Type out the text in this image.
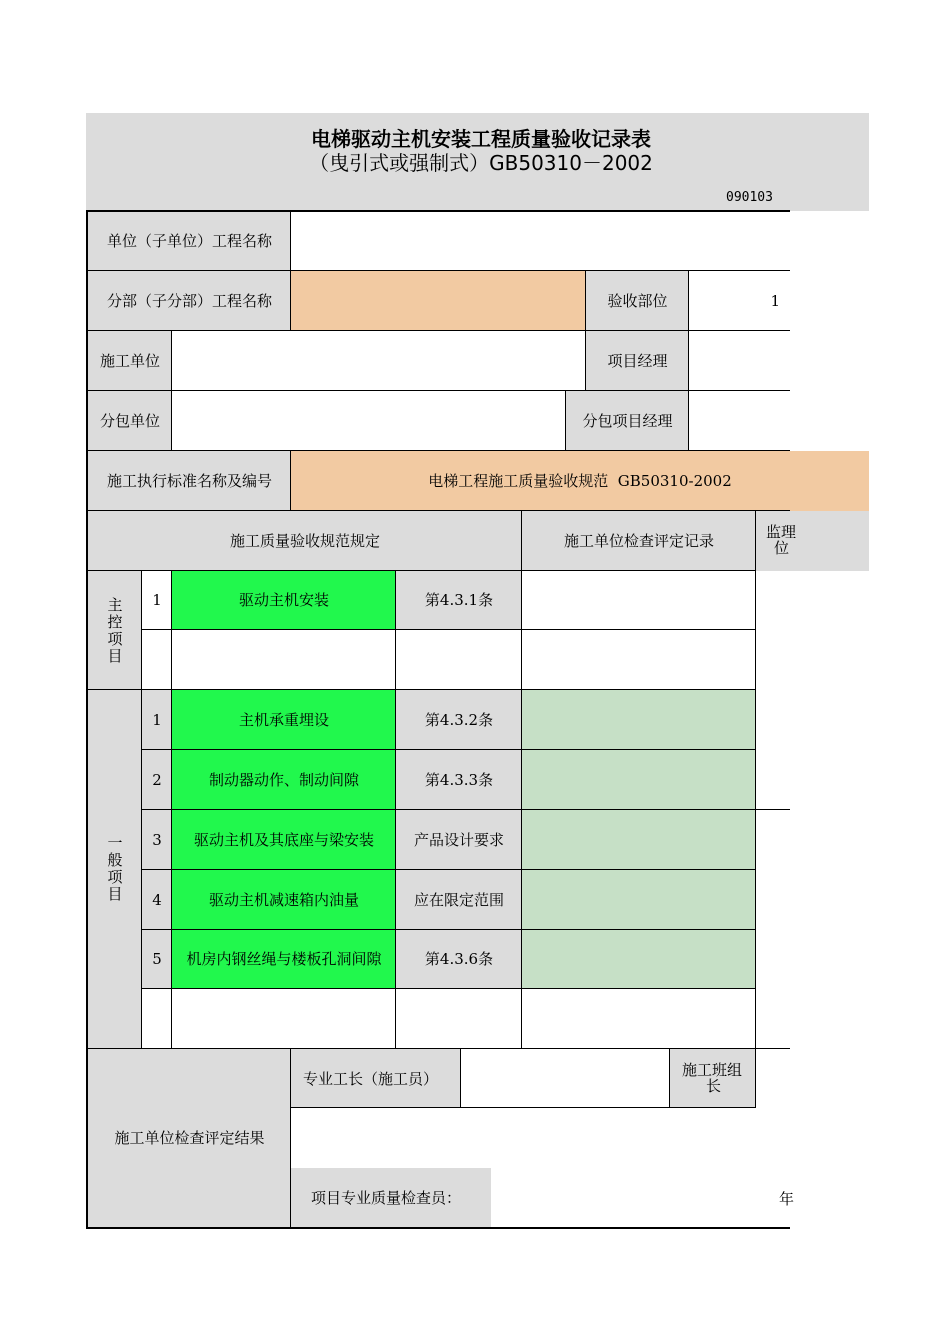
电梯驱动主机安装工程质量验收记录表
（曳引式或强制式）GB50310－2002
090103
单位（子单位）工程名称
分部（子分部）工程名称	验收部位	1
施工单位	项目经理
分包单位	分包项目经理
施工执行标准名称及编号	电梯工程施工质量验收规范  GB50310-2002
施工质量验收规范规定	施工单位检查评定记录	监理
位
主
控
项
目
1	驱动主机安装	第4.3.1条
一
般
项
目
1	主机承重埋设	第4.3.2条
2	制动器动作、制动间隙	第4.3.3条
3	驱动主机及其底座与梁安装	产品设计要求
4	驱动主机减速箱内油量	应在限定范围
5	机房内钢丝绳与楼板孔洞间隙	第4.3.6条
施工单位检查评定结果
专业工长（施工员）	施工班组
长
项目专业质量检查员：	年
